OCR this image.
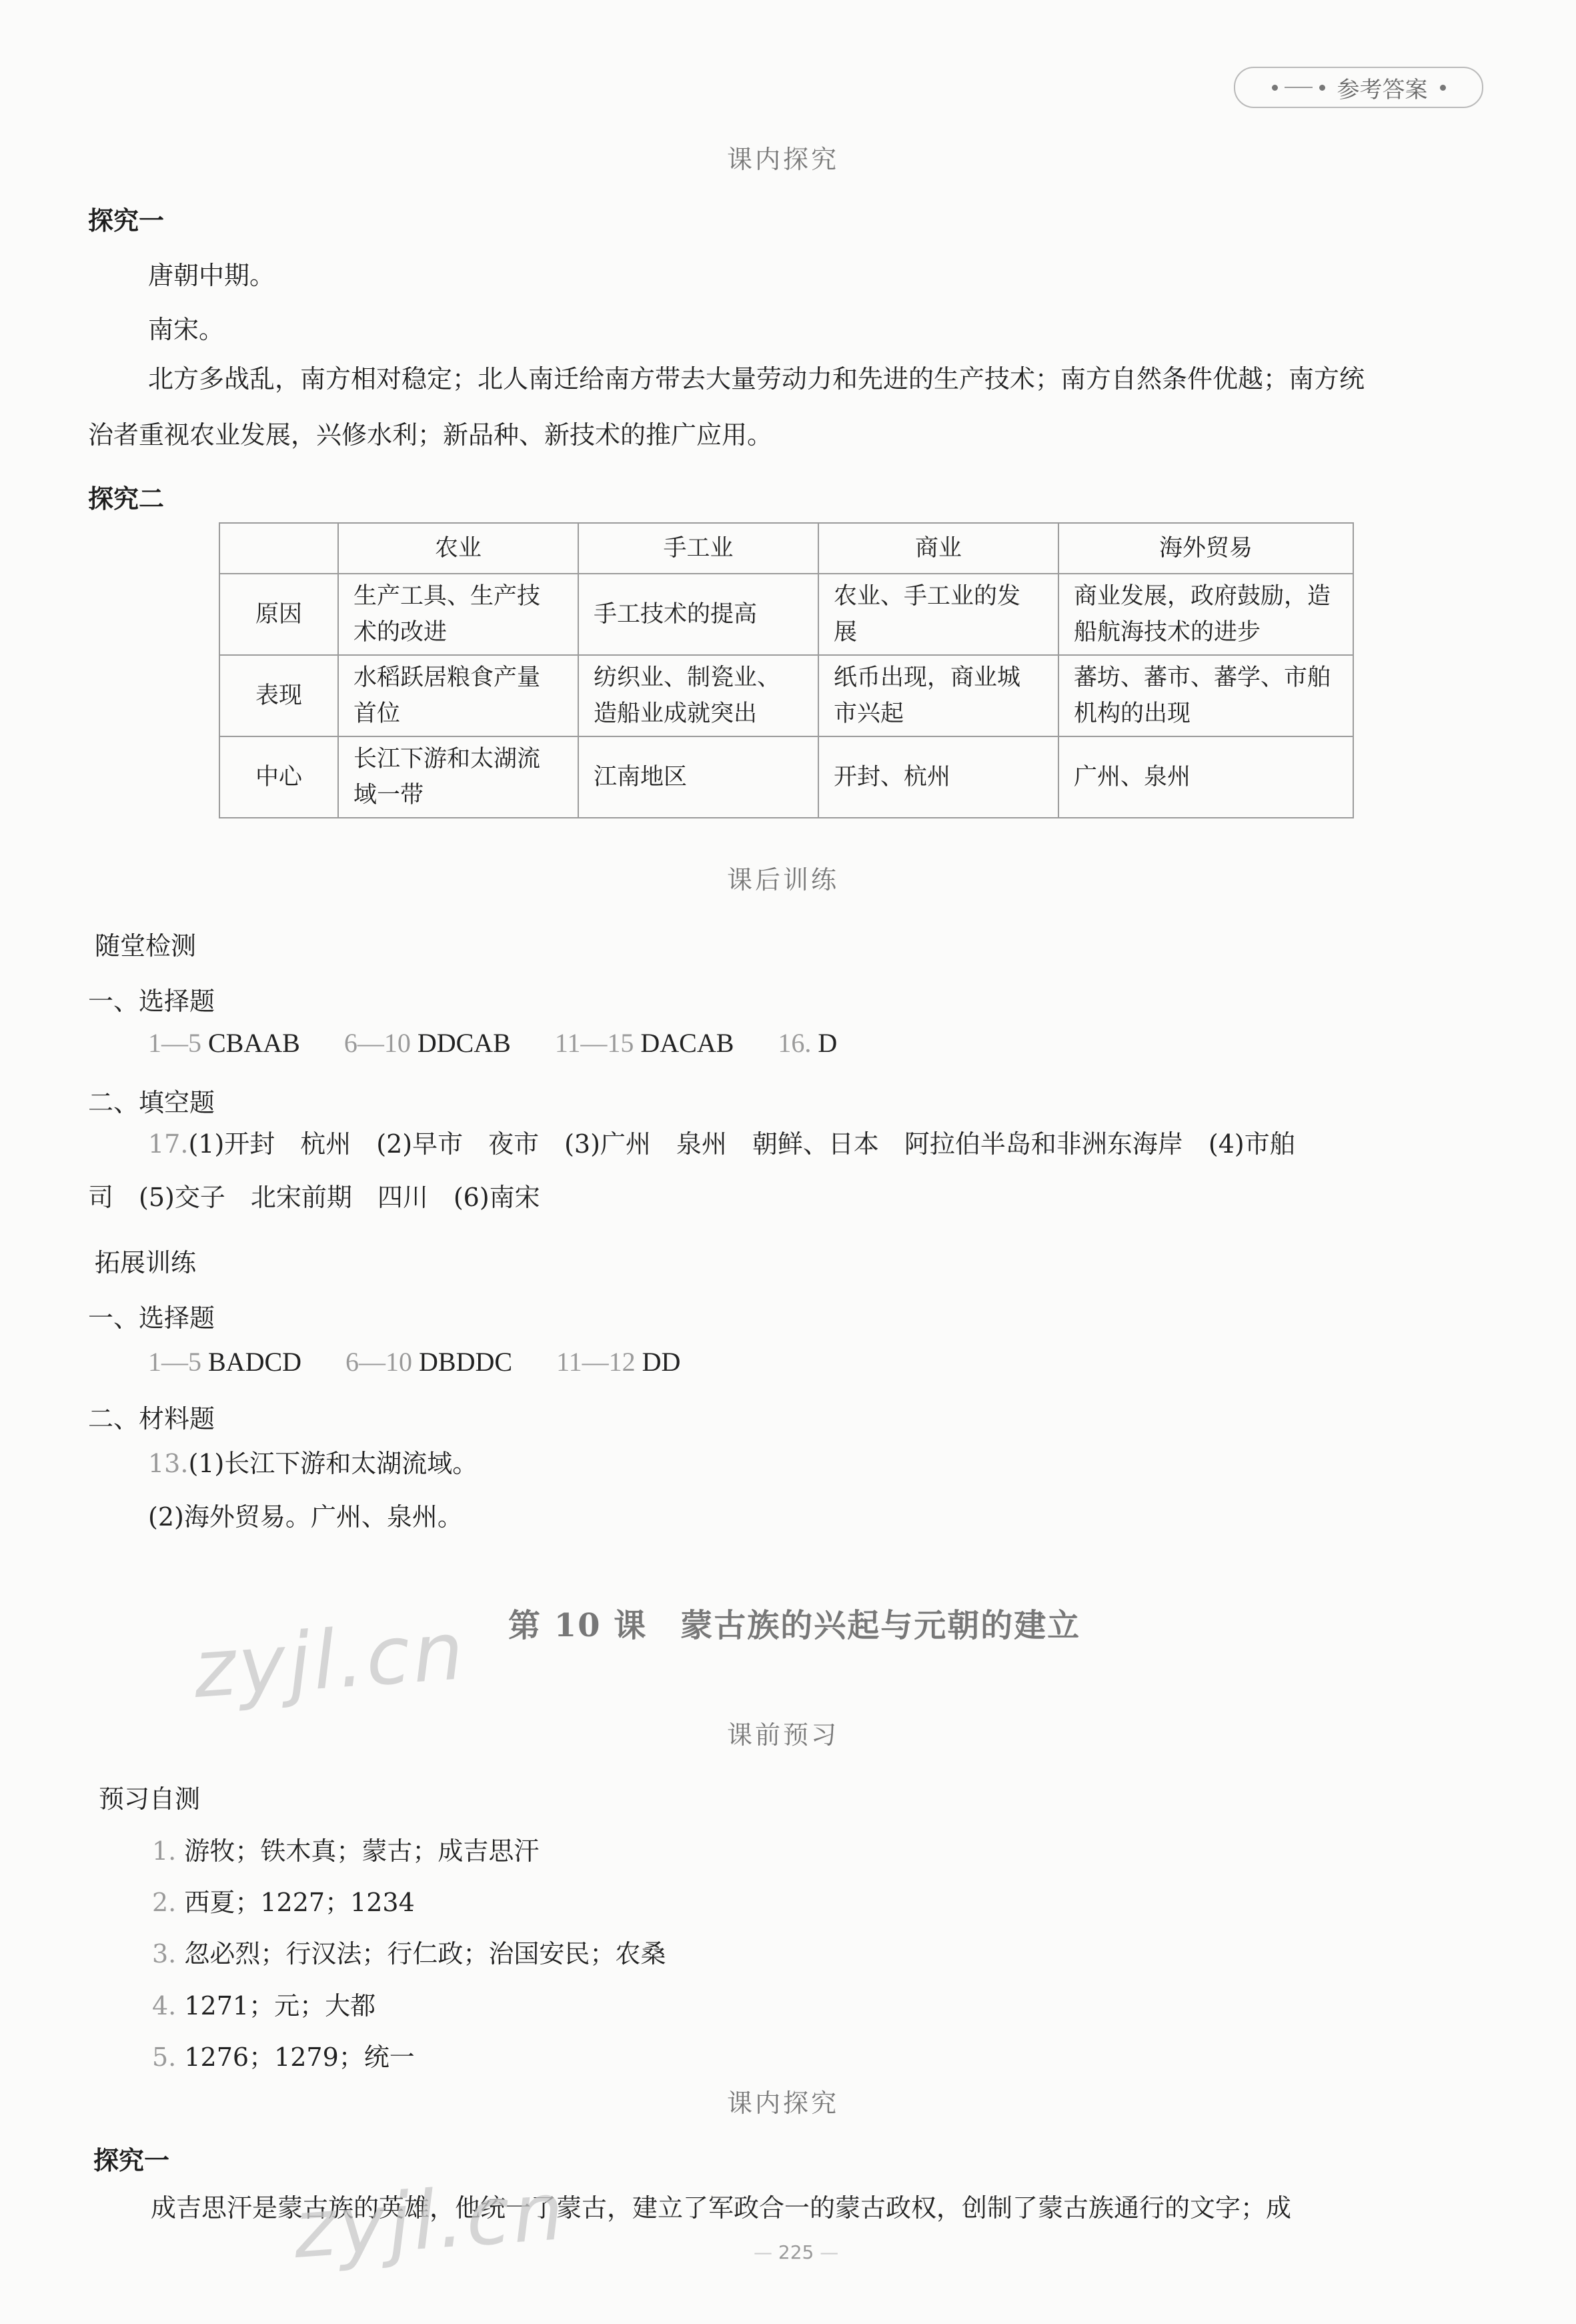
参考答案
课内探究
探究一
唐朝中期。
南宋。
北方多战乱，南方相对稳定；北人南迁给南方带去大量劳动力和先进的生产技术；南方自然条件优越；南方统
治者重视农业发展，兴修水利；新品种、新技术的推广应用。
探究二
	农业	手工业	商业	海外贸易
原因	生产工具、生产技术的改进	手工技术的提高	农业、手工业的发展	商业发展，政府鼓励，造船航海技术的进步
表现	水稻跃居粮食产量首位	纺织业、制瓷业、造船业成就突出	纸币出现，商业城市兴起	蕃坊、蕃市、蕃学、市舶机构的出现
中心	长江下游和太湖流域一带	江南地区	开封、杭州	广州、泉州
课后训练
随堂检测
一、选择题
1—5 CBAAB 6—10 DDCAB 11—15 DACAB 16. D
二、填空题
17.(1)开封　杭州　(2)早市　夜市　(3)广州　泉州　朝鲜、日本　阿拉伯半岛和非洲东海岸　(4)市舶
司　(5)交子　北宋前期　四川　(6)南宋
拓展训练
一、选择题
1—5 BADCD 6—10 DBDDC 11—12 DD
二、材料题
13.(1)长江下游和太湖流域。
(2)海外贸易。广州、泉州。
第 10 课　蒙古族的兴起与元朝的建立
课前预习
预习自测
1. 游牧；铁木真；蒙古；成吉思汗
2. 西夏；1227；1234
3. 忽必烈；行汉法；行仁政；治国安民；农桑
4. 1271；元；大都
5. 1276；1279；统一
课内探究
探究一
成吉思汗是蒙古族的英雄，他统一了蒙古，建立了军政合一的蒙古政权，创制了蒙古族通行的文字；成
zyjl.cn
zyjl.cn	— 225 —
